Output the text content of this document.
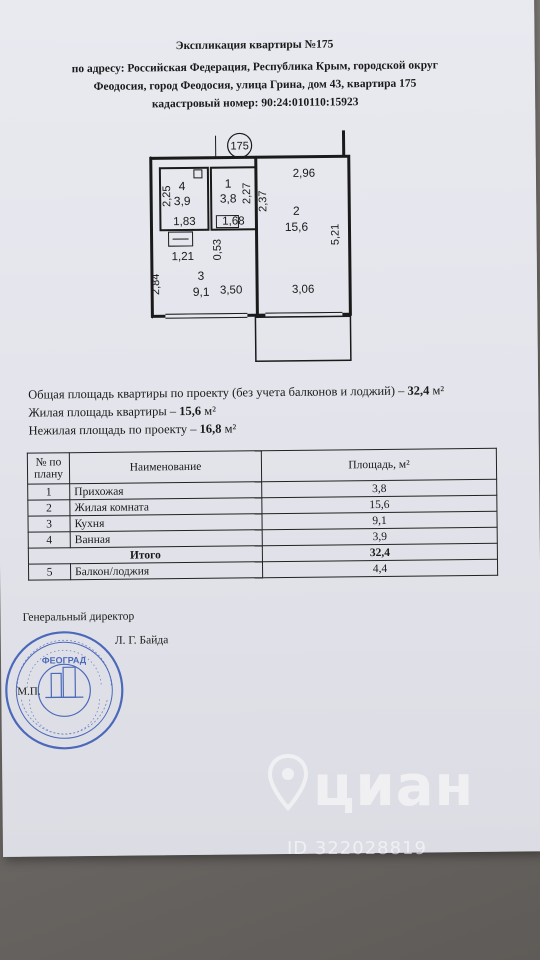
Экспликация квартиры №175
по адресу: Российская Федерация, Республика Крым, городской округ
Феодосия, город Феодосия, улица Грина, дом 43, квартира 175
кадастровый номер: 90:24:010110:15923
175
4
3,9
1
3,8
2
15,6
3
9,1
2,96
2,25	2,27 2,37
1,83 1,68
1,21 0,53
2,84	3,50	3,06
5,21
Общая площадь квартиры по проекту (без учета балконов и лоджий) – 32,4 м²
Жилая площадь квартиры – 15,6 м²
Нежилая площадь по проекту – 16,8 м²
№ по плану	Наименование	Площадь, м²
1	Прихожая	3,8
2	Жилая комната	15,6
3	Кухня	9,1
4	Ванная	3,9
Итого		32,4
5	Балкон/лоджия	4,4
Генеральный директор
Л. Г. Байда
ФЕОГРАД
М.П.
циан
ID 322028819
